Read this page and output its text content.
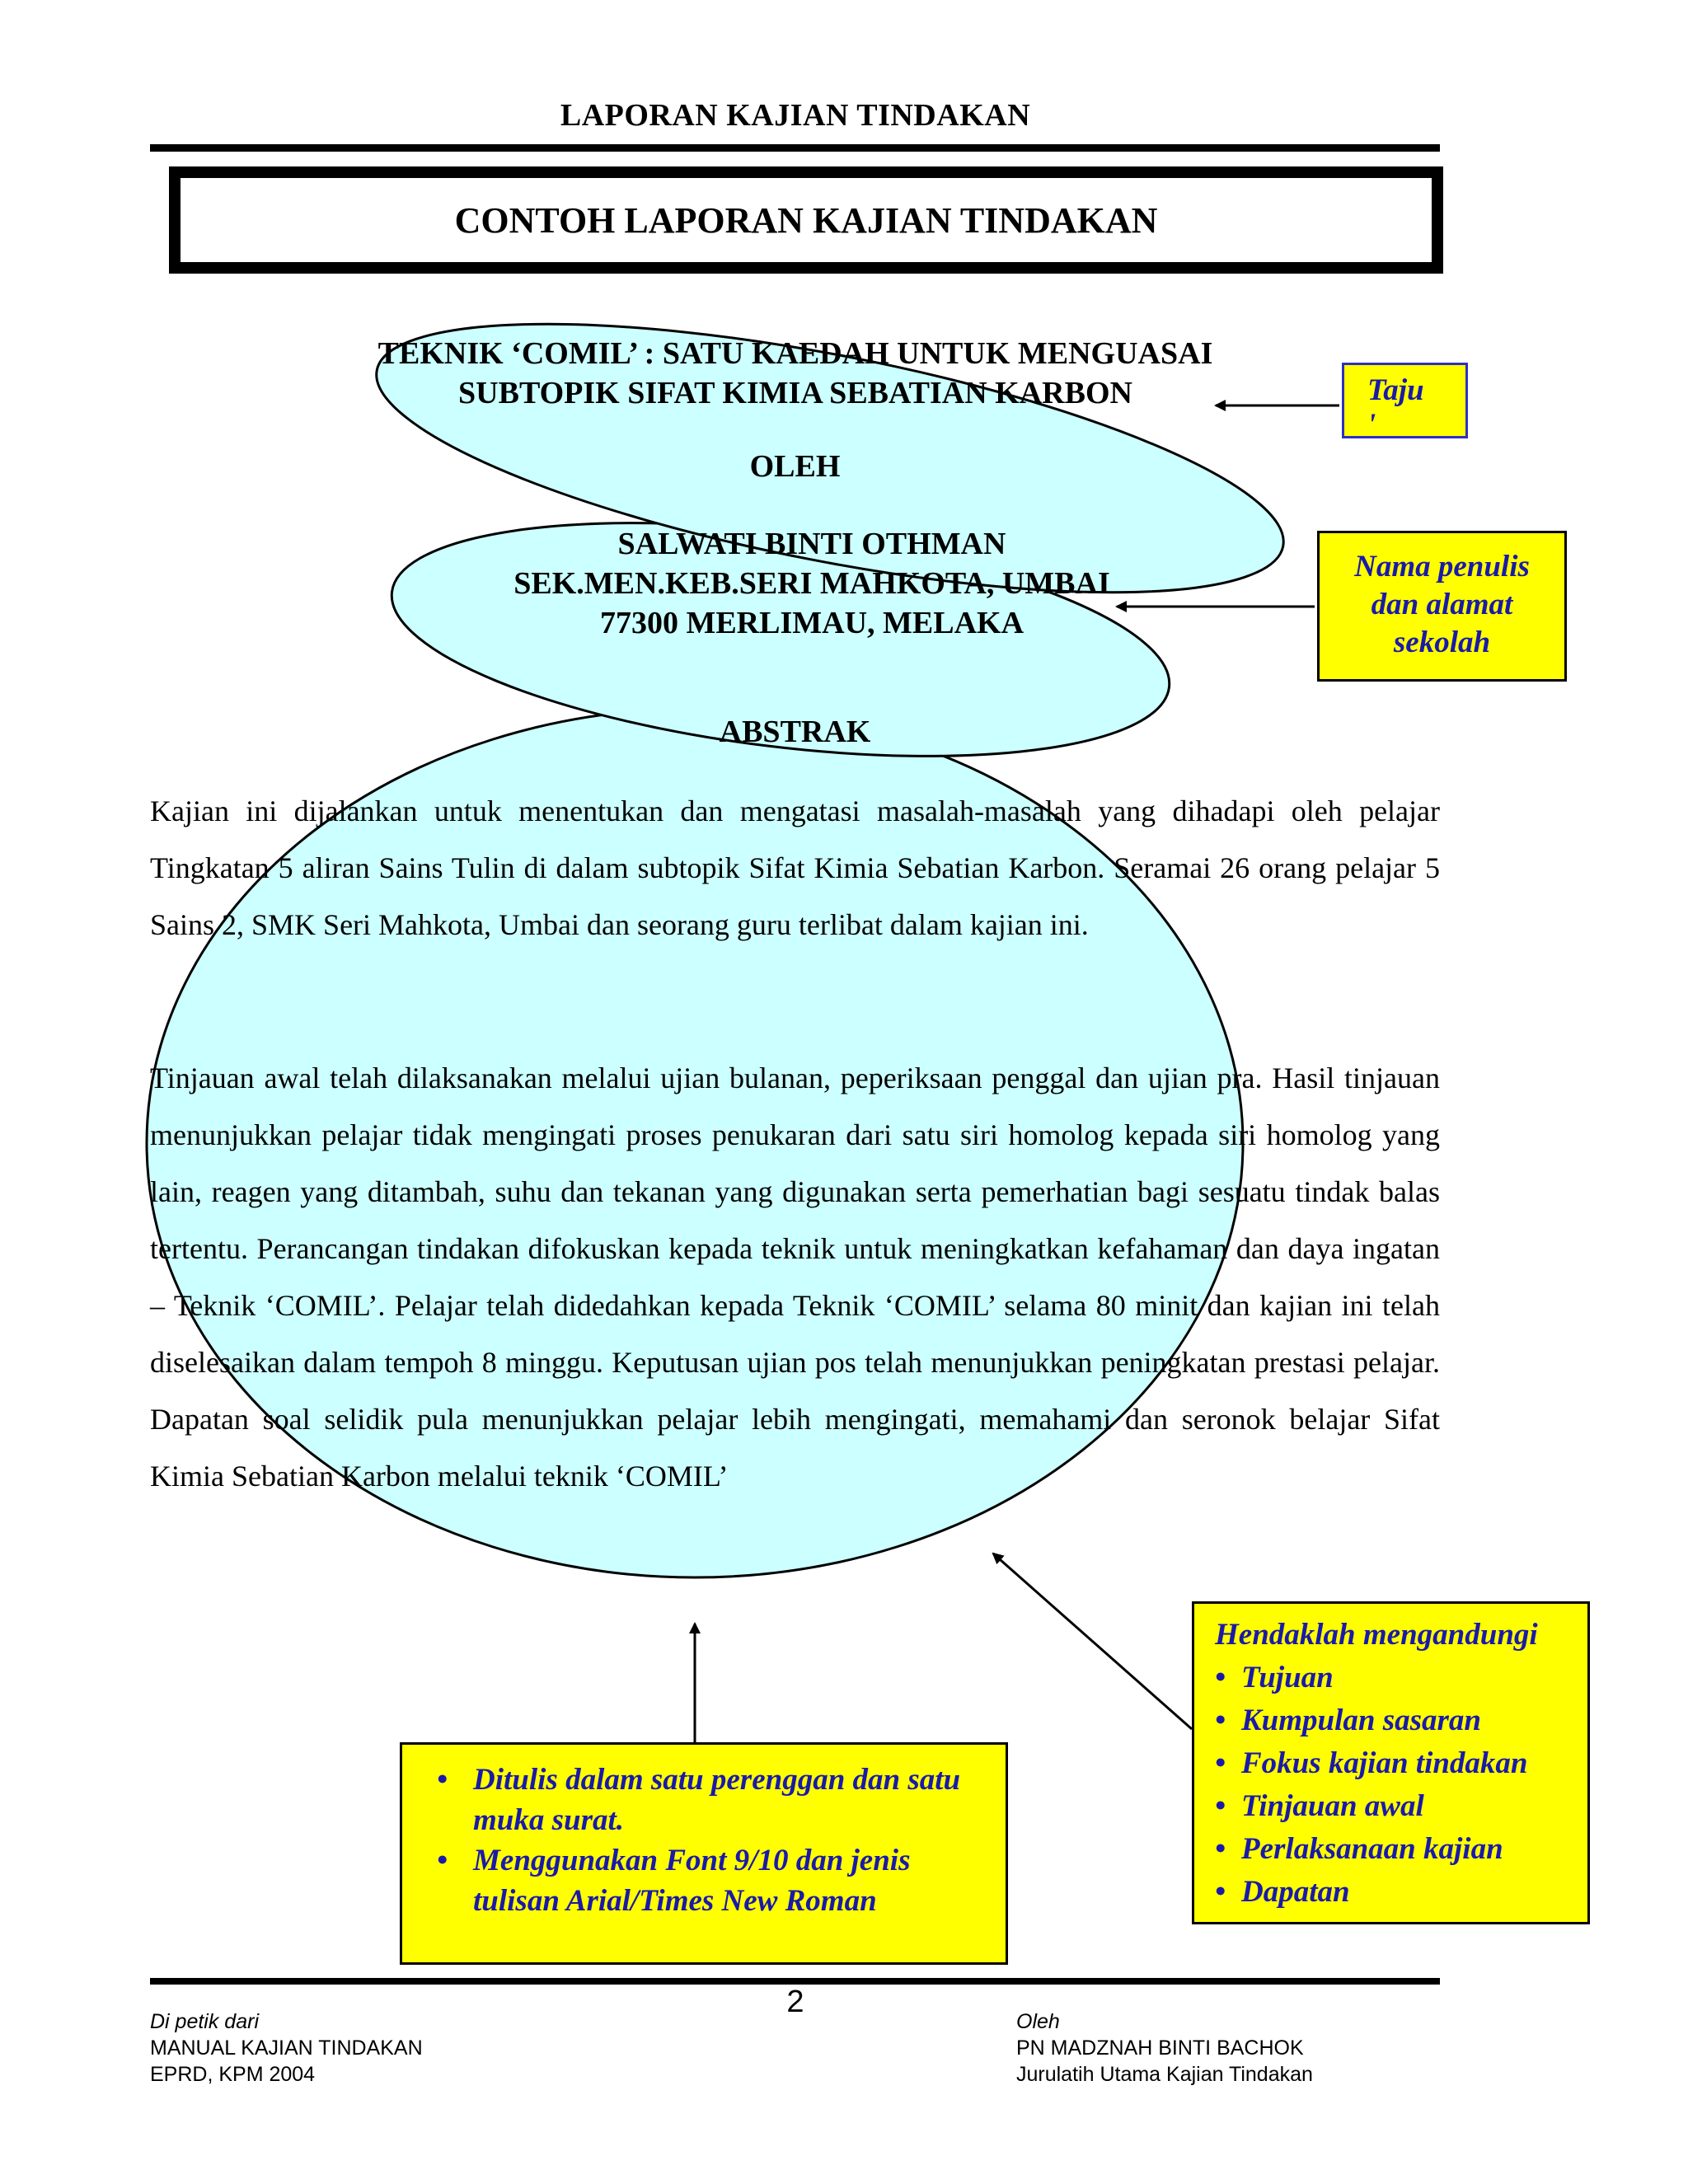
LAPORAN KAJIAN TINDAKAN
CONTOH LAPORAN KAJIAN TINDAKAN
TEKNIK ‘COMIL’ : SATU KAEDAH UNTUK MENGUASAI
SUBTOPIK SIFAT KIMIA SEBATIAN KARBON
OLEH
SALWATI BINTI OTHMAN
SEK.MEN.KEB.SERI MAHKOTA, UMBAI
77300 MERLIMAU, MELAKA
ABSTRAK
Kajian ini dijalankan untuk menentukan dan mengatasi masalah-masalah yang dihadapi oleh pelajar Tingkatan 5 aliran Sains Tulin di dalam subtopik Sifat Kimia Sebatian Karbon. Seramai 26 orang pelajar 5 Sains 2, SMK Seri Mahkota, Umbai dan seorang guru terlibat dalam kajian ini.
Tinjauan awal telah dilaksanakan melalui ujian bulanan, peperiksaan penggal dan ujian pra. Hasil tinjauan menunjukkan pelajar tidak mengingati proses penukaran dari satu siri homolog kepada siri homolog yang lain, reagen yang ditambah, suhu dan tekanan yang digunakan serta pemerhatian bagi sesuatu tindak balas tertentu. Perancangan tindakan difokuskan kepada teknik untuk meningkatkan kefahaman dan daya ingatan – Teknik ‘COMIL’. Pelajar telah didedahkan kepada Teknik ‘COMIL’ selama 80 minit dan kajian ini telah diselesaikan dalam tempoh 8 minggu. Keputusan ujian pos telah menunjukkan peningkatan prestasi pelajar. Dapatan soal selidik pula menunjukkan pelajar lebih mengingati, memahami dan seronok belajar Sifat Kimia Sebatian Karbon melalui teknik ‘COMIL’
Taju
'
Nama penulis
dan alamat
sekolah
• Ditulis dalam satu perenggan dan satu muka surat.
• Menggunakan Font 9/10 dan jenis tulisan Arial/Times New Roman
Hendaklah mengandungi
• Tujuan
• Kumpulan sasaran
• Fokus kajian tindakan
• Tinjauan awal
• Perlaksanaan kajian
• Dapatan
2
Di petik dari
MANUAL KAJIAN TINDAKAN
EPRD, KPM 2004
Oleh
PN MADZNAH BINTI BACHOK
Jurulatih Utama Kajian Tindakan
